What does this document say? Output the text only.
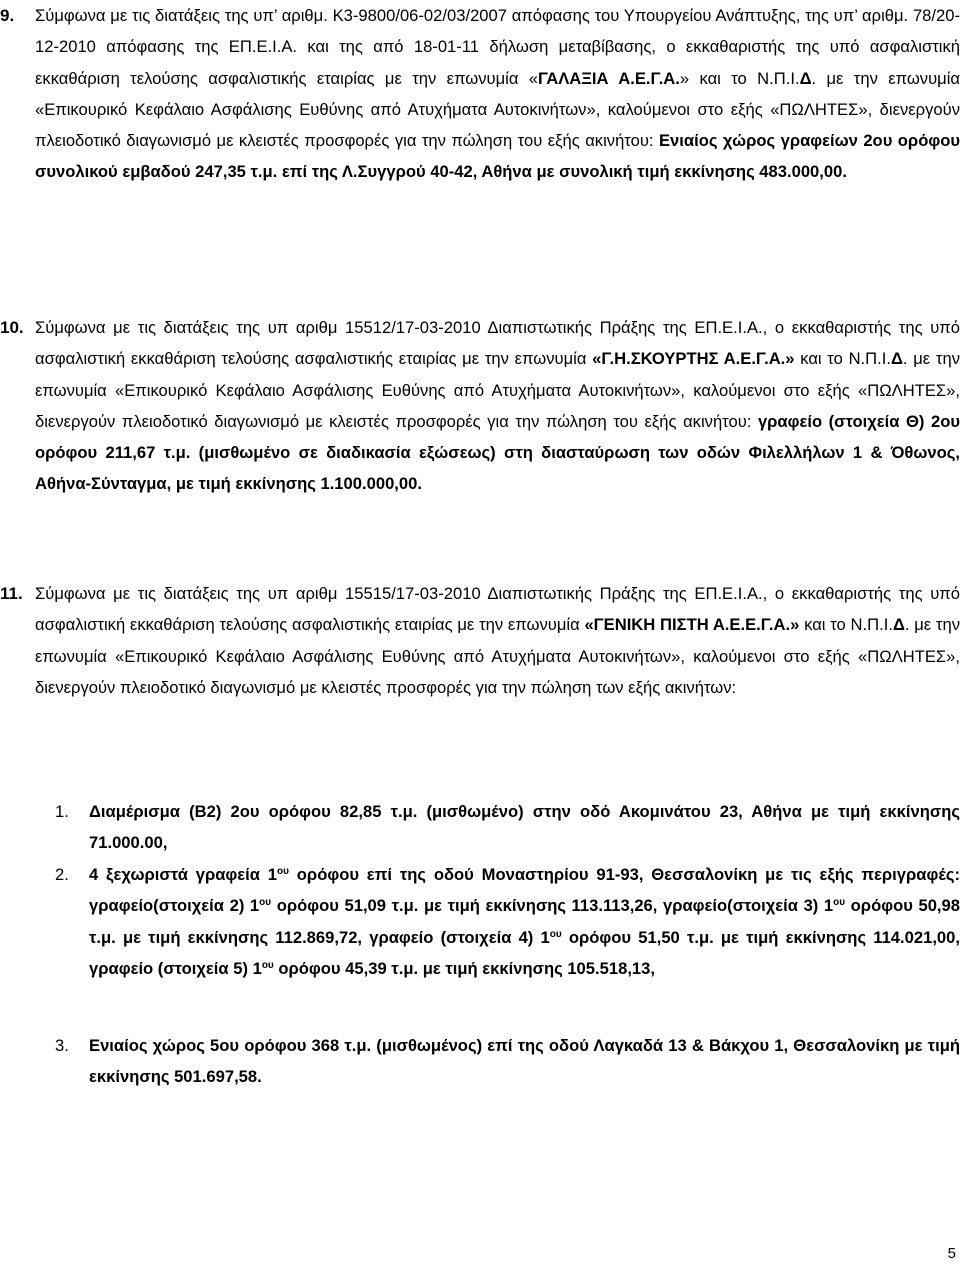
9. Σύμφωνα με τις διατάξεις της υπ’ αριθμ. Κ3-9800/06-02/03/2007 απόφασης του Υπουργείου Ανάπτυξης, της υπ’ αριθμ. 78/20-12-2010 απόφασης της ΕΠ.Ε.Ι.Α. και της από 18-01-11 δήλωση μεταβίβασης, ο εκκαθαριστής της υπό ασφαλιστική εκκαθάριση τελούσης ασφαλιστικής εταιρίας με την επωνυμία «ΓΑΛΑΞΙΑ Α.Ε.Γ.Α.» και το Ν.Π.Ι.Δ. με την επωνυμία «Επικουρικό Κεφάλαιο Ασφάλισης Ευθύνης από Ατυχήματα Αυτοκινήτων», καλούμενοι στο εξής «ΠΩΛΗΤΕΣ», διενεργούν πλειοδοτικό διαγωνισμό με κλειστές προσφορές για την πώληση του εξής ακινήτου: Ενιαίος χώρος γραφείων 2ου ορόφου συνολικού εμβαδού 247,35 τ.μ. επί της Λ.Συγγρού 40-42, Αθήνα με συνολική τιμή εκκίνησης 483.000,00.

10. Σύμφωνα με τις διατάξεις της υπ αριθμ 15512/17-03-2010 Διαπιστωτικής Πράξης της ΕΠ.Ε.Ι.Α., ο εκκαθαριστής της υπό ασφαλιστική εκκαθάριση τελούσης ασφαλιστικής εταιρίας με την επωνυμία «Γ.Η.ΣΚΟΥΡΤΗΣ Α.Ε.Γ.Α.» και το Ν.Π.Ι.Δ. με την επωνυμία «Επικουρικό Κεφάλαιο Ασφάλισης Ευθύνης από Ατυχήματα Αυτοκινήτων», καλούμενοι στο εξής «ΠΩΛΗΤΕΣ», διενεργούν πλειοδοτικό διαγωνισμό με κλειστές προσφορές για την πώληση του εξής ακινήτου: γραφείο (στοιχεία Θ) 2ου ορόφου 211,67 τ.μ. (μισθωμένο σε διαδικασία εξώσεως) στη διασταύρωση των οδών Φιλελλήλων 1 & Όθωνος, Αθήνα-Σύνταγμα, με τιμή εκκίνησης 1.100.000,00.

11. Σύμφωνα με τις διατάξεις της υπ αριθμ 15515/17-03-2010 Διαπιστωτικής Πράξης της ΕΠ.Ε.Ι.Α., ο εκκαθαριστής της υπό ασφαλιστική εκκαθάριση τελούσης ασφαλιστικής εταιρίας με την επωνυμία «ΓΕΝΙΚΗ ΠΙΣΤΗ Α.Ε.Ε.Γ.Α.» και το Ν.Π.Ι.Δ. με την επωνυμία «Επικουρικό Κεφάλαιο Ασφάλισης Ευθύνης από Ατυχήματα Αυτοκινήτων», καλούμενοι στο εξής «ΠΩΛΗΤΕΣ», διενεργούν πλειοδοτικό διαγωνισμό με κλειστές προσφορές για την πώληση των εξής ακινήτων:

1. Διαμέρισμα (Β2) 2ου ορόφου 82,85 τ.μ. (μισθωμένο) στην οδό Ακομινάτου 23, Αθήνα με τιμή εκκίνησης 71.000.00,

2. 4 ξεχωριστά γραφεία $1^{o\upsilon}$ ορόφου επί της οδού Μοναστηρίου 91-93, Θεσσαλονίκη με τις εξής περιγραφές: γραφείο(στοιχεία 2) $1^{o\upsilon}$ ορόφου 51,09 τ.μ. με τιμή εκκίνησης 113.113,26, γραφείο(στοιχεία 3) $1^{o\upsilon}$ ορόφου 50,98 τ.μ. με τιμή εκκίνησης 112.869,72, γραφείο (στοιχεία 4) $1^{o\upsilon}$ ορόφου 51,50 τ.μ. με τιμή εκκίνησης 114.021,00, γραφείο (στοιχεία 5) $1^{o\upsilon}$ ορόφου 45,39 τ.μ. με τιμή εκκίνησης 105.518,13,

3. Ενιαίος χώρος 5ου ορόφου 368 τ.μ. (μισθωμένος) επί της οδού Λαγκαδά 13 & Βάκχου 1, Θεσσαλονίκη με τιμή εκκίνησης 501.697,58.

5
